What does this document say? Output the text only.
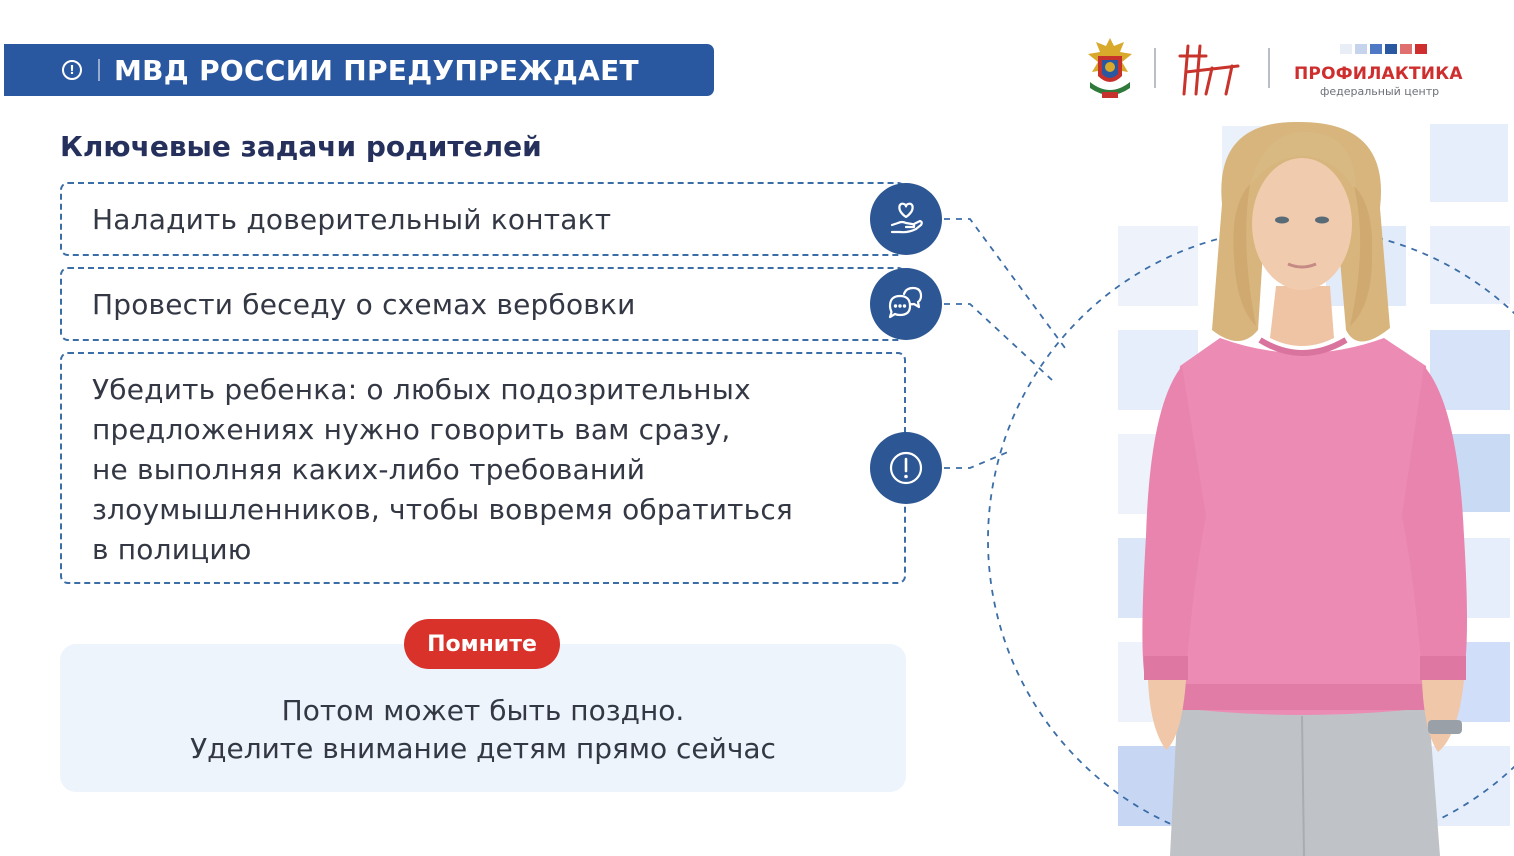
! МВД РОССИИ ПРЕДУПРЕЖДАЕТ	ПРОФИЛАКТИКА
федеральный центр
Ключевые задачи родителей
Наладить доверительный контакт
Провести беседу о схемах вербовки
Убедить ребенка: о любых подозрительных
предложениях нужно говорить вам сразу,
не выполняя каких-либо требований
злоумышленников, чтобы вовремя обратиться
в полицию
Потом может быть поздно.
Уделите внимание детям прямо сейчас
Помните
